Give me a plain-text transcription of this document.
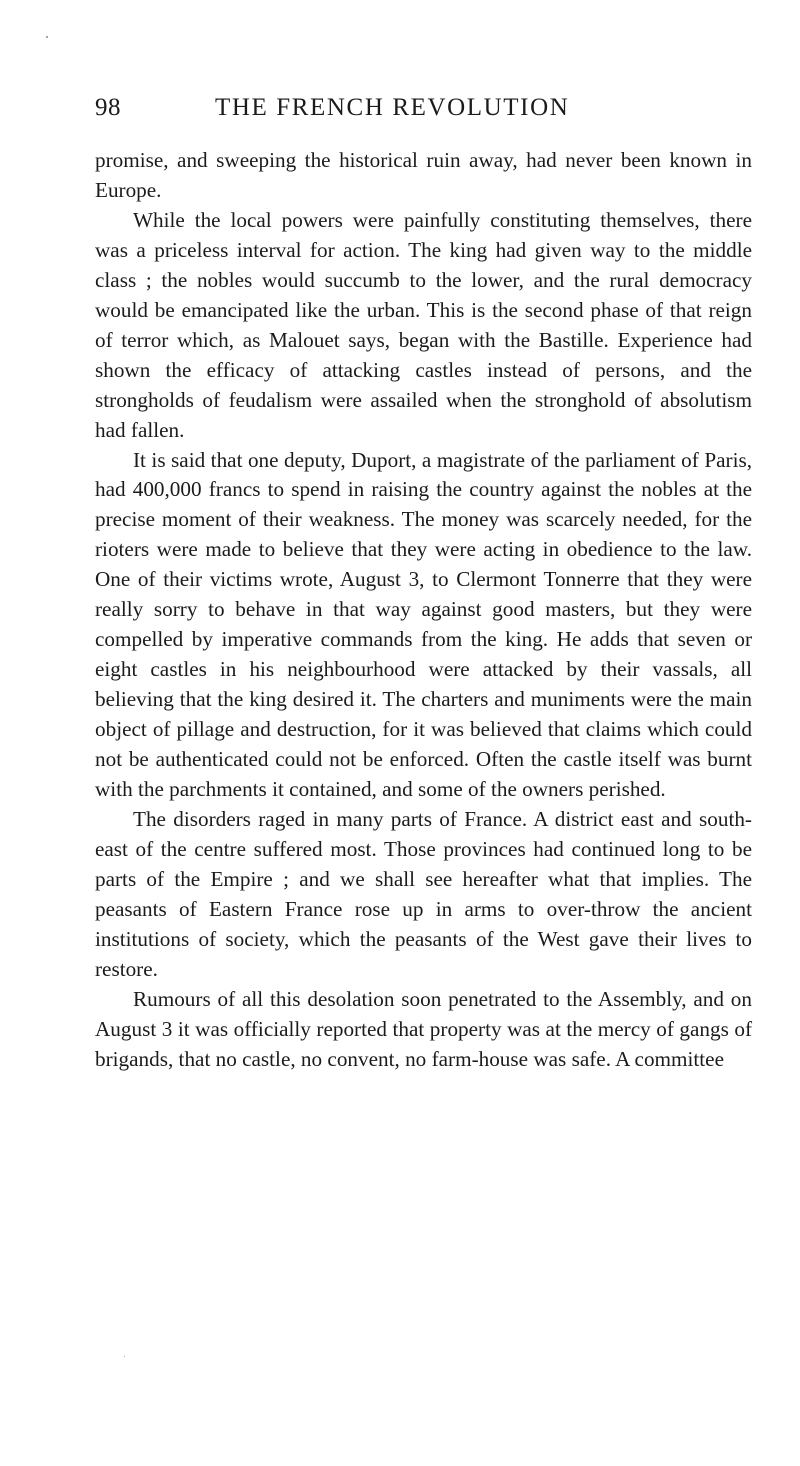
98	THE FRENCH REVOLUTION

promise, and sweeping the historical ruin away, had never been known in Europe.

While the local powers were painfully constituting themselves, there was a priceless interval for action. The king had given way to the middle class ; the nobles would succumb to the lower, and the rural democracy would be emancipated like the urban. This is the second phase of that reign of terror which, as Malouet says, began with the Bastille. Experience had shown the efficacy of attacking castles instead of persons, and the strongholds of feudalism were assailed when the stronghold of absolutism had fallen.

It is said that one deputy, Duport, a magistrate of the parliament of Paris, had 400,000 francs to spend in raising the country against the nobles at the precise moment of their weakness. The money was scarcely needed, for the rioters were made to believe that they were acting in obedience to the law. One of their victims wrote, August 3, to Clermont Tonnerre that they were really sorry to behave in that way against good masters, but they were compelled by imperative commands from the king. He adds that seven or eight castles in his neighbourhood were attacked by their vassals, all believing that the king desired it. The charters and muniments were the main object of pillage and destruction, for it was believed that claims which could not be authenticated could not be enforced. Often the castle itself was burnt with the parchments it contained, and some of the owners perished.

The disorders raged in many parts of France. A district east and south-east of the centre suffered most. Those provinces had continued long to be parts of the Empire ; and we shall see hereafter what that implies. The peasants of Eastern France rose up in arms to over-throw the ancient institutions of society, which the peasants of the West gave their lives to restore.

Rumours of all this desolation soon penetrated to the Assembly, and on August 3 it was officially reported that property was at the mercy of gangs of brigands, that no castle, no convent, no farm-house was safe. A committee
